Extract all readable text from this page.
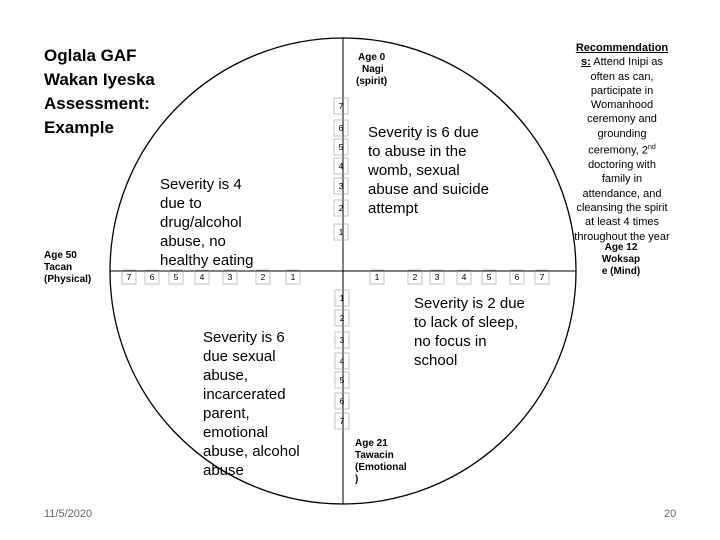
Oglala GAF
Wakan Iyeska
Assessment:
Example
Age 0
Nagi
(spirit)
Age 50
Tacan
(Physical)
Age 12
Woksap
e (Mind)
Age 21
Tawacin
(Emotional
)
Severity is 6 due
to abuse in the
womb, sexual
abuse and suicide
attempt
Severity is 4
due to
drug/alcohol
abuse, no
healthy eating
Severity is 2 due
to lack of sleep,
no focus in
school
Severity is 6
due sexual
abuse,
incarcerated
parent,
emotional
abuse, alcohol
abuse
Recommendation
s: Attend Inipi as
often as can,
participate in
Womanhood
ceremony and
grounding
ceremony, 2nd
doctoring with
family in
attendance, and
cleansing the spirit
at least 4 times
throughout the year
7
6
5
4
3
2
1
1
2
3
4
5
6
7
7	6	5	4	3	2	1	1	2	3	4	5	6	7
11/5/2020	20
